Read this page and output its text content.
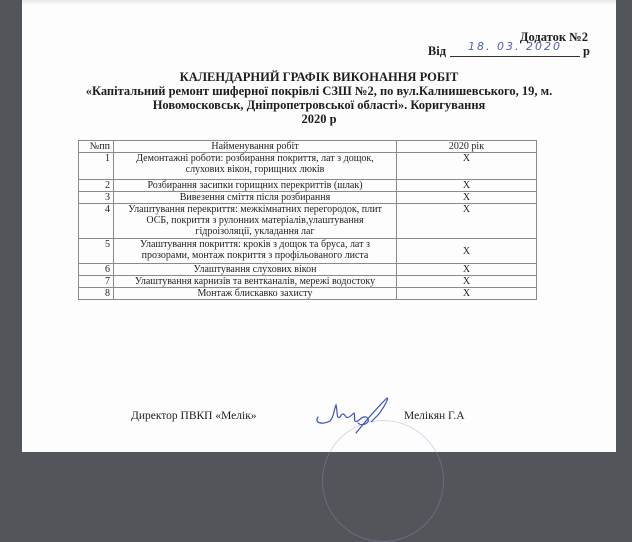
Додаток №2
Від	18. 03. 2020	р
КАЛЕНДАРНИЙ ГРАФІК ВИКОНАННЯ РОБІТ
«Капітальний ремонт шиферної покрівлі СЗШ №2, по вул.Калнишевського, 19, м.
Новомосковськ, Дніпропетровської області». Коригування
2020 р
№пп	Найменування робіт	2020 рік
1	Демонтажні роботи: розбирання покриття, лат з дощок, слухових вікон, горищних люків	X
2	Розбирання засипки горищних перекриттів (шлак)	X
3	Вивезення сміття після розбирання	X
4	Улаштування перекриття: межкімнатних перегородок, плит ОСБ, покриття з рулонних матеріалів,улаштування гідроізоляції, укладання лаг	X
5	Улаштування покриття: кроків з дощок та бруса, лат з прозорами, монтаж покриття з профільованого листа	X
6	Улаштування слухових вікон	X
7	Улаштування карнизів та вентканалів, мережі водостоку	X
8	Монтаж блискавко захисту	X
Директор ПВКП «Мелік»	Мелікян Г.А
